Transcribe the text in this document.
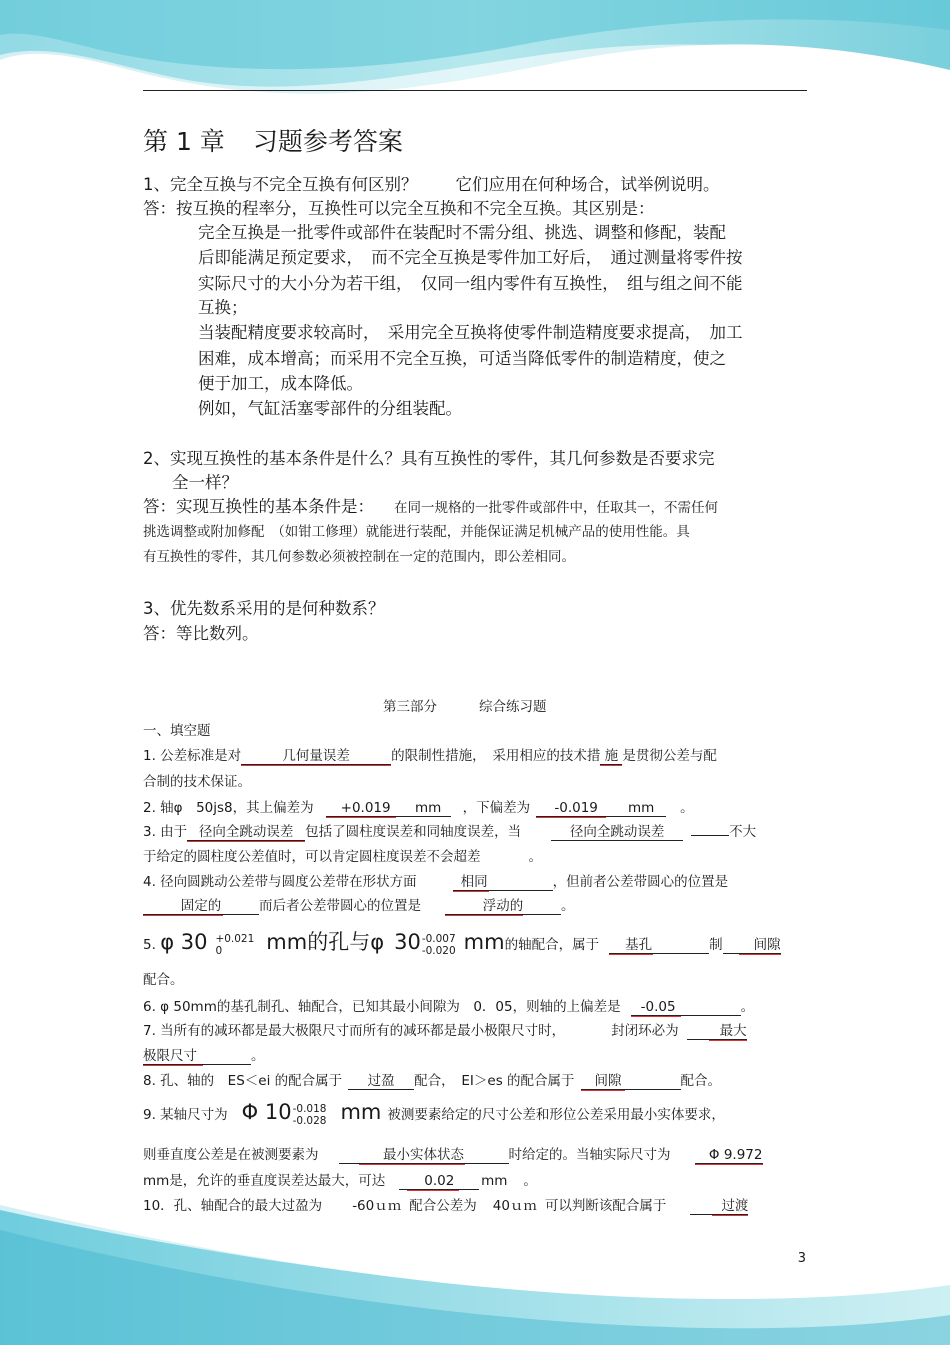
第 1 章 习题参考答案
1、完全互换与不完全互换有何区别？ 它们应用在何种场合，试举例说明。
答：按互换的程率分，互换性可以完全互换和不完全互换。其区别是：
完全互换是一批零件或部件在装配时不需分组、挑选、调整和修配，装配
后即能满足预定要求，　而不完全互换是零件加工好后，　通过测量将零件按
实际尺寸的大小分为若干组，　仅同一组内零件有互换性，　组与组之间不能
互换；
当装配精度要求较高时，　采用完全互换将使零件制造精度要求提高，　加工
困难，成本增高；而采用不完全互换，可适当降低零件的制造精度，使之
便于加工，成本降低。
例如，气缸活塞零部件的分组装配。
2、实现互换性的基本条件是什么？具有互换性的零件，其几何参数是否要求完
全一样？
答：实现互换性的基本条件是： 在同一规格的一批零件或部件中，任取其一，不需任何
挑选调整或附加修配　（如钳工修理）就能进行装配，并能保证满足机械产品的使用性能。具
有互换性的零件，其几何参数必须被控制在一定的范围内，即公差相同。
3、优先数系采用的是何种数系？
答：等比数列。
第三部分	综合练习题
一、填空题
1. 公差标准是对	几何量误差	的限制性措施，　采用相应的技术措 施 是贯彻公差与配
合制的技术保证。
2. 轴φ　50js8，其上偏差为 +0.019 mm ，下偏差为 -0.019 mm 。
3. 由于 径向全跳动误差 包括了圆柱度误差和同轴度误差，当	径向全跳动误差	不大
于给定的圆柱度公差值时，可以肯定圆柱度误差不会超差	。
4. 径向圆跳动公差带与圆度公差带在形状方面	相同	，但前者公差带圆心的位置是
固定的	而后者公差带圆心的位置是	浮动的	。
5. φ 30 +0.021
0	mm的孔与φ 30 -0.007
-0.020 mm的轴配合，属于 基孔	制 间隙
配合。
6. φ 50mm的基孔制孔、轴配合，已知其最小间隙为　0．05，则轴的上偏差是 -0.05	。
7. 当所有的减环都是最大极限尺寸而所有的减环都是最小极限尺寸时，	封闭环必为	最大
极限尺寸	。
8. 孔、轴的　ES＜ei 的配合属于 过盈 配合，　EI＞es 的配合属于 间隙	配合。
9. 某轴尺寸为 Φ 10 -0.018
-0.028 mm 被测要素给定的尺寸公差和形位公差采用最小实体要求，
则垂直度公差是在被测要素为	最小实体状态	时给定的。当轴实际尺寸为	Φ 9.972
mm是，允许的垂直度误差达最大，可达	0.02 mm 。
10．孔、轴配合的最大过盈为 -60ｕｍ 配合公差为 40ｕｍ 可以判断该配合属于	过渡
3
